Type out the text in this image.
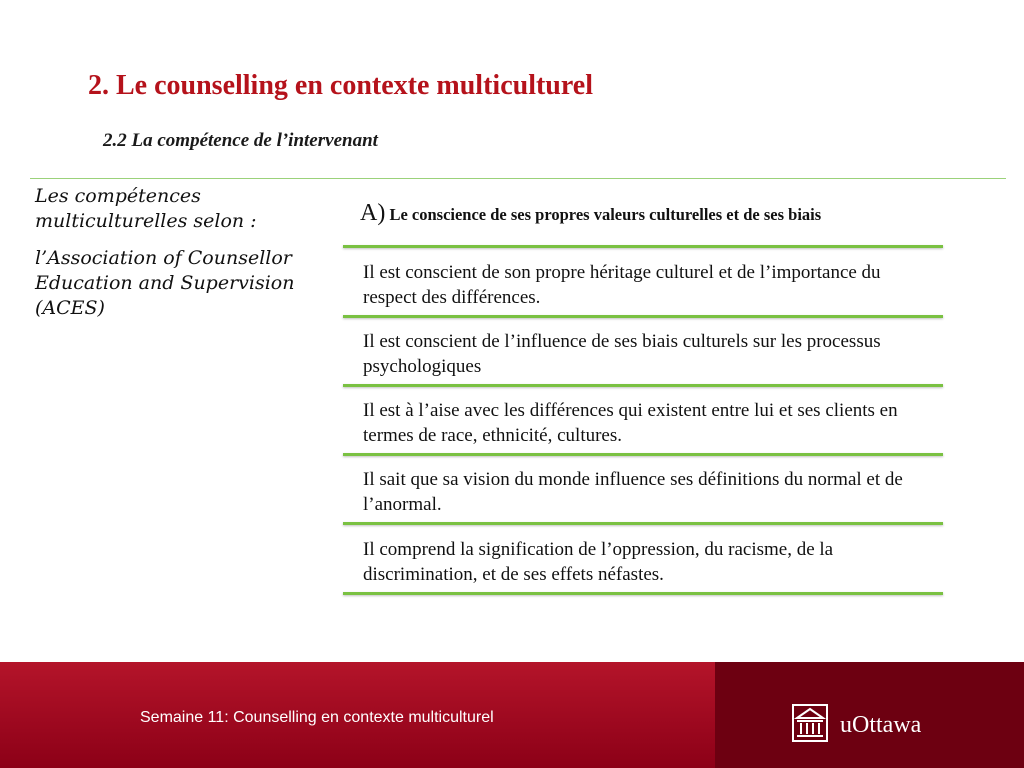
2. Le counselling en contexte multiculturel
2.2 La compétence de l’intervenant

Les compétences multiculturelles selon :

l’Association of Counsellor Education and Supervision (ACES)

A) Le conscience de ses propres valeurs culturelles et de ses biais
Il est conscient de son propre héritage culturel et de l’importance du respect des différences.
Il est conscient de l’influence de ses biais culturels sur les processus psychologiques
Il est à l’aise avec les différences qui existent entre lui et ses clients en termes de race, ethnicité, cultures.
Il sait que sa vision du monde influence ses définitions du normal et de l’anormal.
Il comprend la signification de l’oppression, du racisme, de la discrimination, et de ses effets néfastes.
Semaine 11: Counselling en contexte multiculturel	uOttawa
